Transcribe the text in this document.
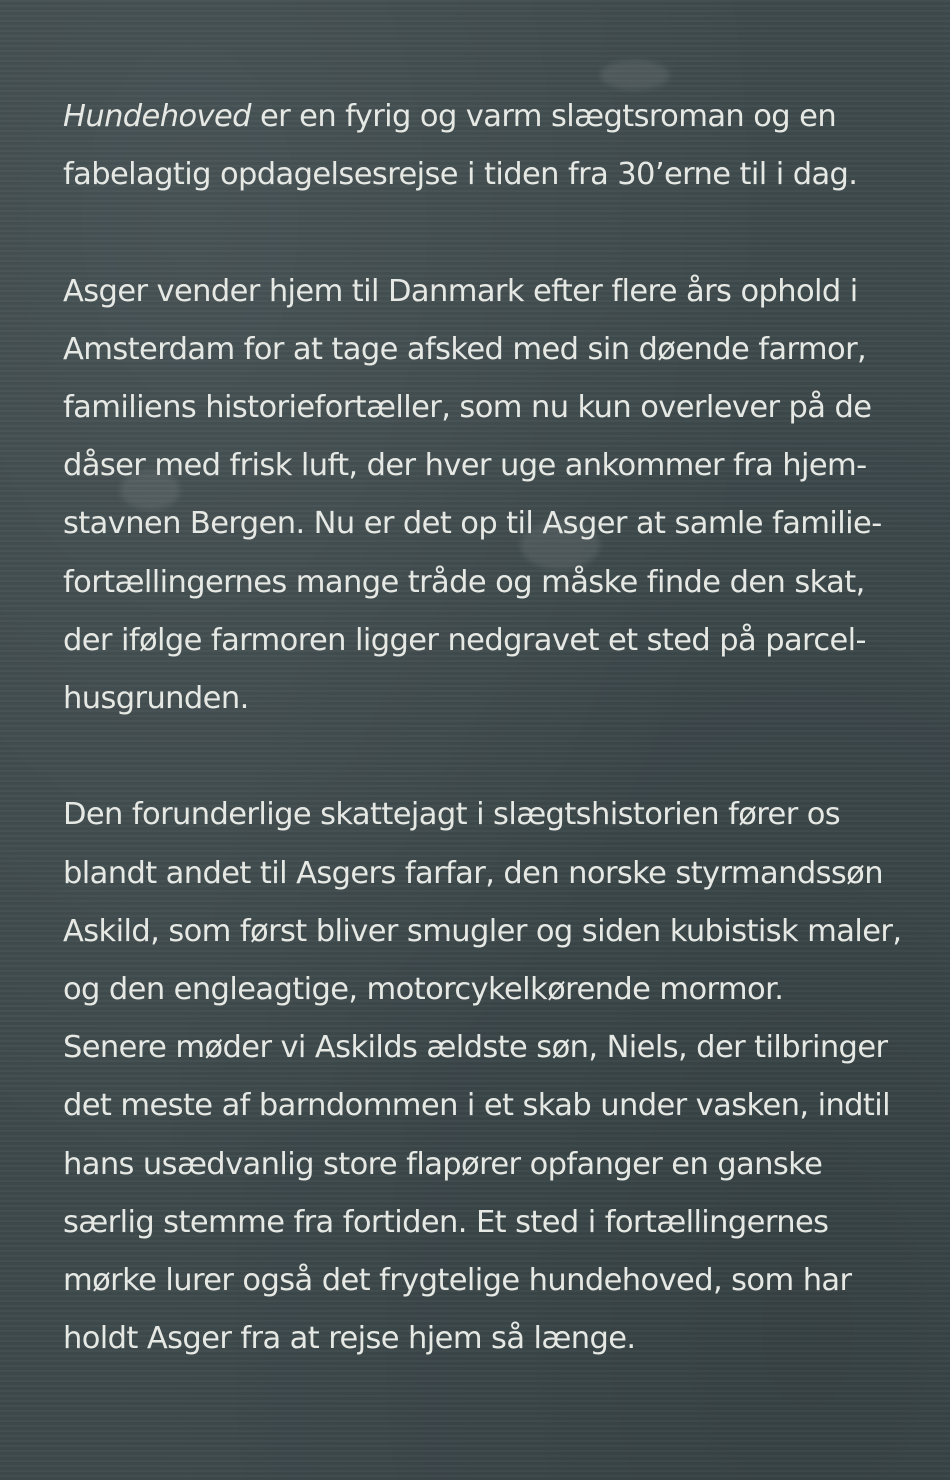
Hundehoved er en fyrig og varm slægtsroman og en
fabelagtig opdagelsesrejse i tiden fra 30’erne til i dag.
Asger vender hjem til Danmark efter flere års ophold i
Amsterdam for at tage afsked med sin døende farmor,
familiens historiefortæller, som nu kun overlever på de
dåser med frisk luft, der hver uge ankommer fra hjem-
stavnen Bergen. Nu er det op til Asger at samle familie-
fortællingernes mange tråde og måske finde den skat,
der ifølge farmoren ligger nedgravet et sted på parcel-
husgrunden.
Den forunderlige skattejagt i slægtshistorien fører os
blandt andet til Asgers farfar, den norske styrmandssøn
Askild, som først bliver smugler og siden kubistisk maler,
og den engleagtige, motorcykelkørende mormor.
Senere møder vi Askilds ældste søn, Niels, der tilbringer
det meste af barndommen i et skab under vasken, indtil
hans usædvanlig store flapører opfanger en ganske
særlig stemme fra fortiden. Et sted i fortællingernes
mørke lurer også det frygtelige hundehoved, som har
holdt Asger fra at rejse hjem så længe.
